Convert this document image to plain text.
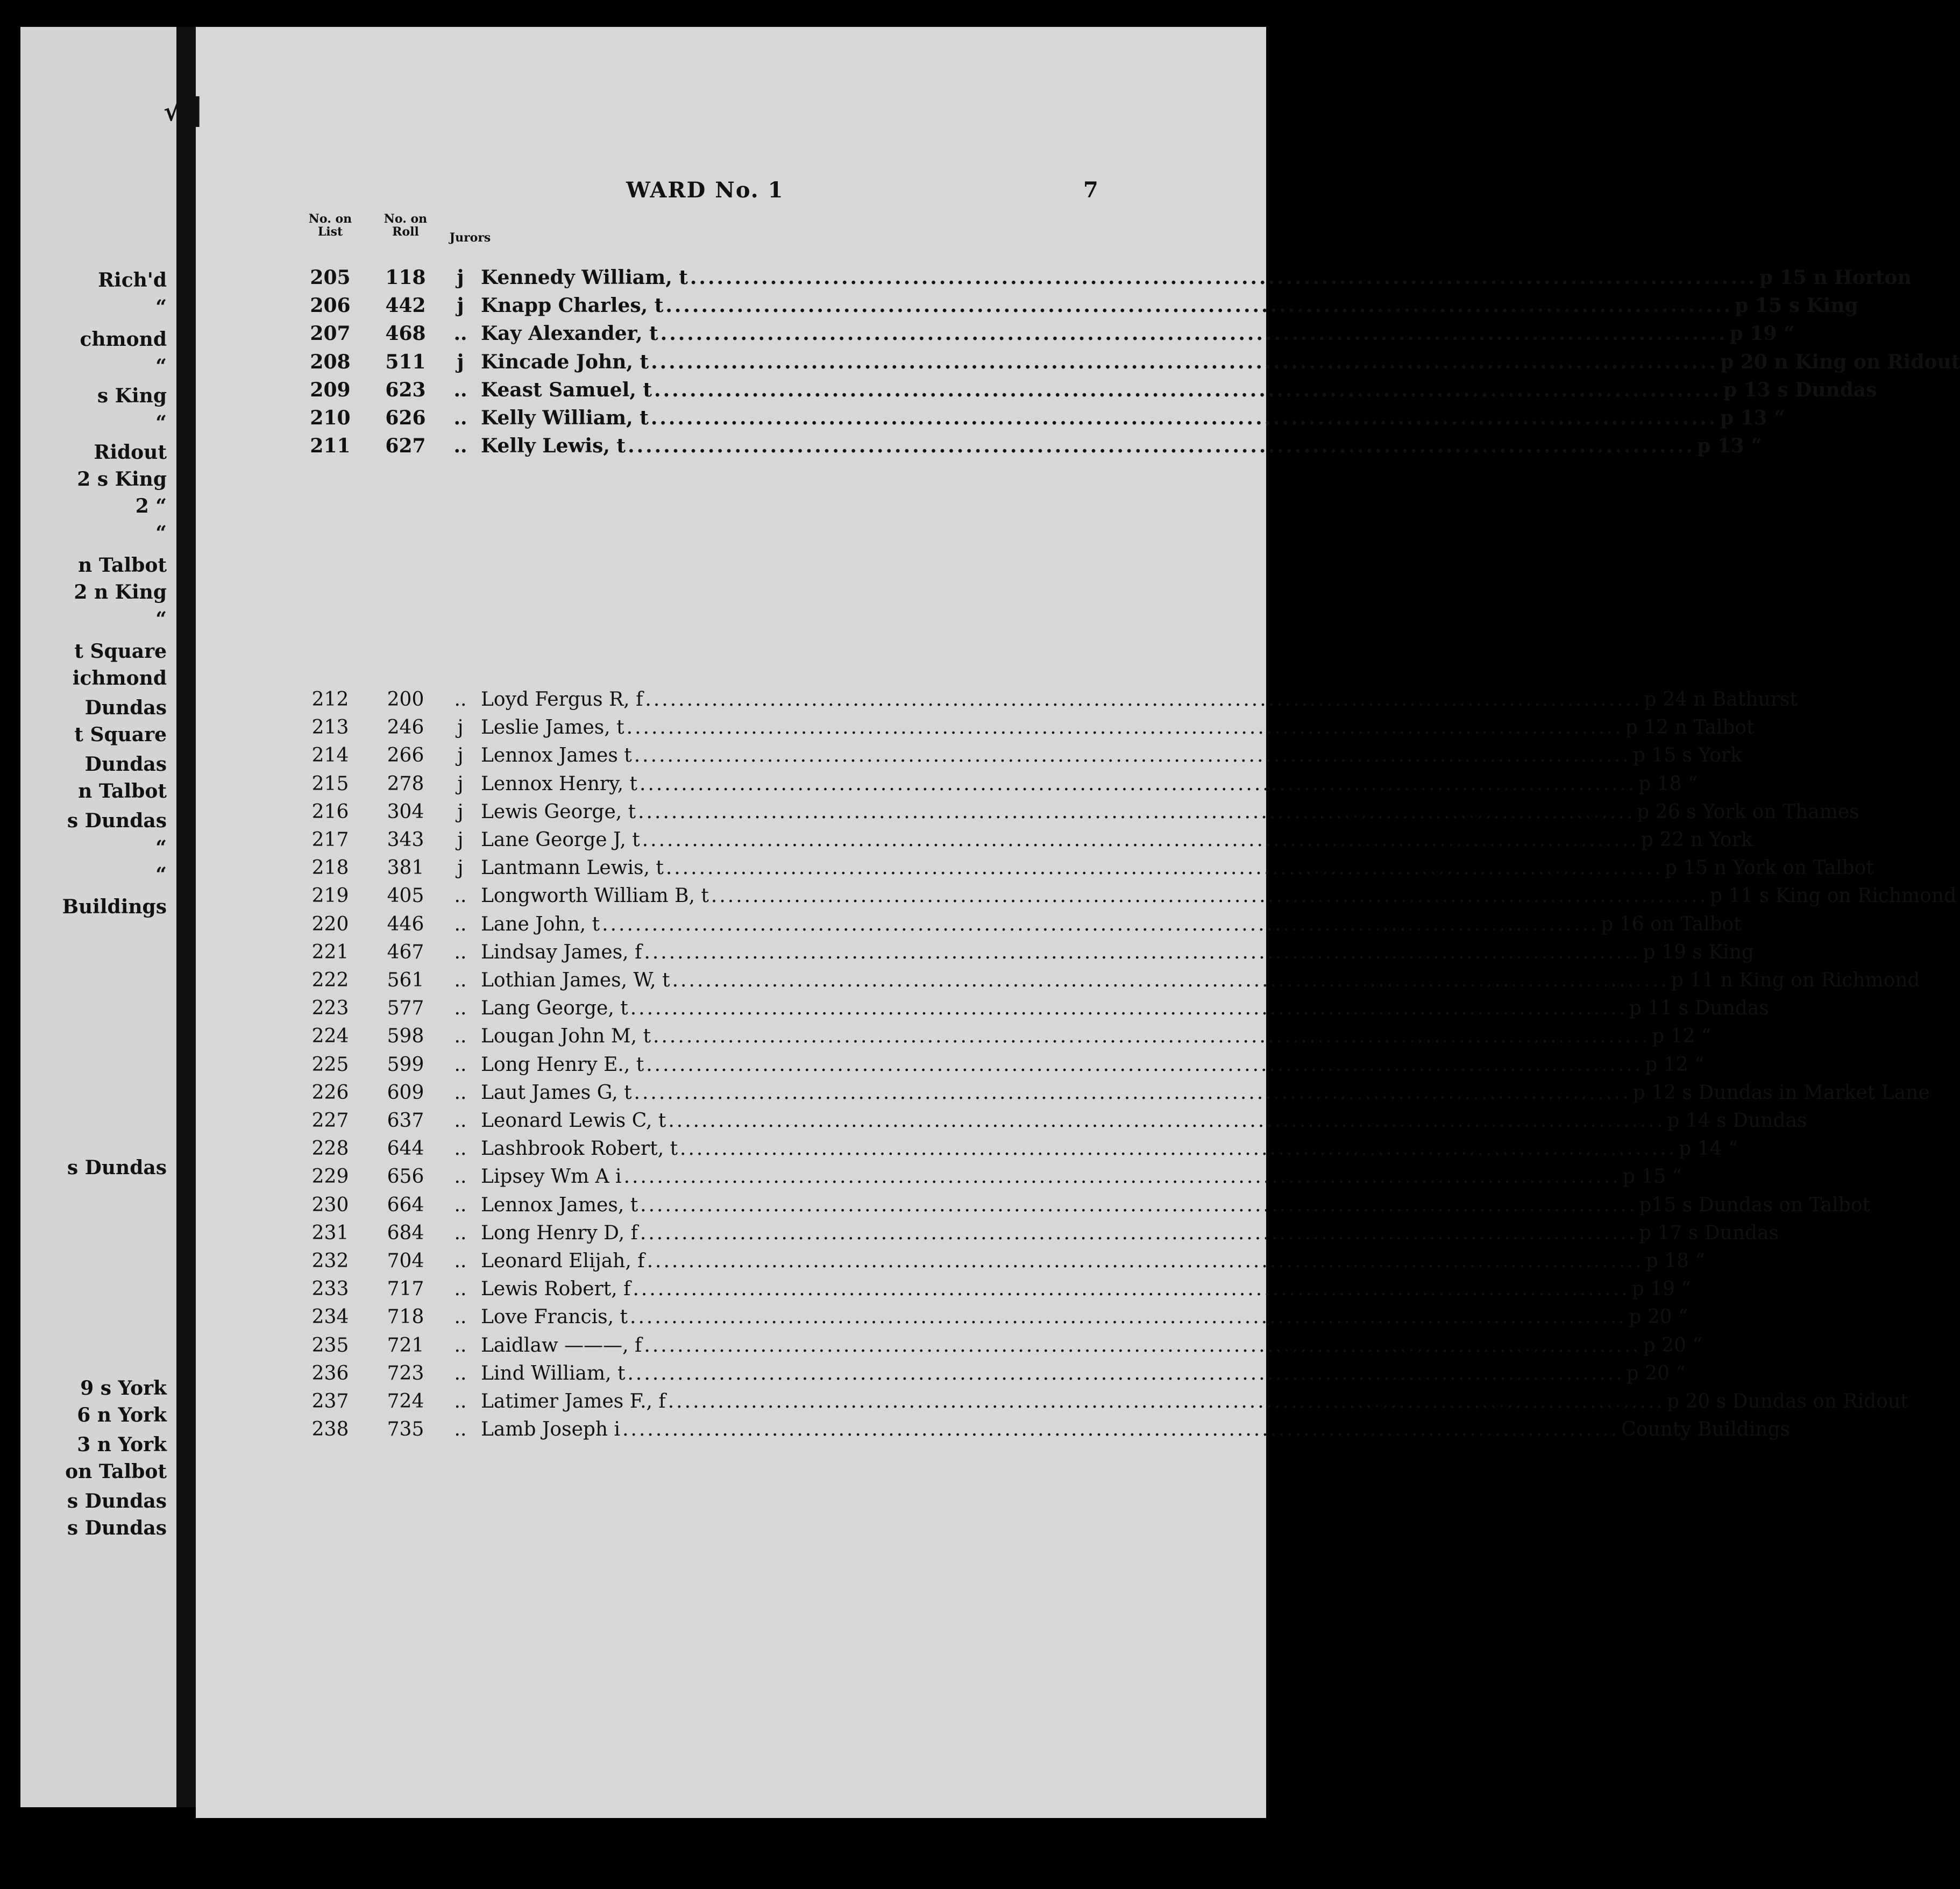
Rich'd
“
chmond
“
s King
“
Ridout
2 s King
2 “
“
n Talbot
2 n King
“
t Square
ichmond
Dundas
t Square
Dundas
n Talbot
s Dundas
“
“
Buildings
s Dundas
9 s York
6 n York
3 n York
on Talbot
s Dundas
s Dundas
√ ▌
WARD No. 1	7
No. on List
No. on Roll	Jurors
205	118	j Kennedy William, t .....	p 15 n Horton
206	442	j Knapp Charles, t .....	p 15 s King
207	468	.. Kay Alexander, t .....	p 19 “
208	511	j Kincade John, t .....	p 20 n King on Ridout
209	623	.. Keast Samuel, t .....	p 13 s Dundas
210	626	.. Kelly William, t .....	p 13 “
211	627	.. Kelly Lewis, t .....	p 13 “
212	200	.. Loyd Fergus R, f .....	p 24 n Bathurst
213	246	j Leslie James, t .....	p 12 n Talbot
214	266	j Lennox James t .....	p 15 s York
215	278	j Lennox Henry, t .....	p 18 “
216	304	j Lewis George, t .....	p 26 s York on Thames
217	343	j Lane George J, t .....	p 22 n York
218	381	j Lantmann Lewis, t .....	p 15 n York on Talbot
219	405	.. Longworth William B, t .....	p 11 s King on Richmond
220	446	.. Lane John, t .....	p 16 on Talbot
221	467	.. Lindsay James, f .....	p 19 s King
222	561	.. Lothian James, W, t .....	p 11 n King on Richmond
223	577	.. Lang George, t .....	p 11 s Dundas
224	598	.. Lougan John M, t .....	p 12 “
225	599	.. Long Henry E., t .....	p 12 “
226	609	.. Laut James G, t .....	p 12 s Dundas in Market Lane
227	637	.. Leonard Lewis C, t .....	p 14 s Dundas
228	644	.. Lashbrook Robert, t .....	p 14 “
229	656	.. Lipsey Wm A i .....	p 15 “
230	664	.. Lennox James, t .....	p15 s Dundas on Talbot
231	684	.. Long Henry D, f .....	p 17 s Dundas
232	704	.. Leonard Elijah, f .....	p 18 “
233	717	.. Lewis Robert, f .....	p 19 “
234	718	.. Love Francis, t .....	p 20 “
235	721	.. Laidlaw ———, f .....	p 20 “
236	723	.. Lind William, t .....	p 20 “
237	724	.. Latimer James F., f .....	p 20 s Dundas on Ridout
238	735	.. Lamb Joseph i .....	County Buildings
